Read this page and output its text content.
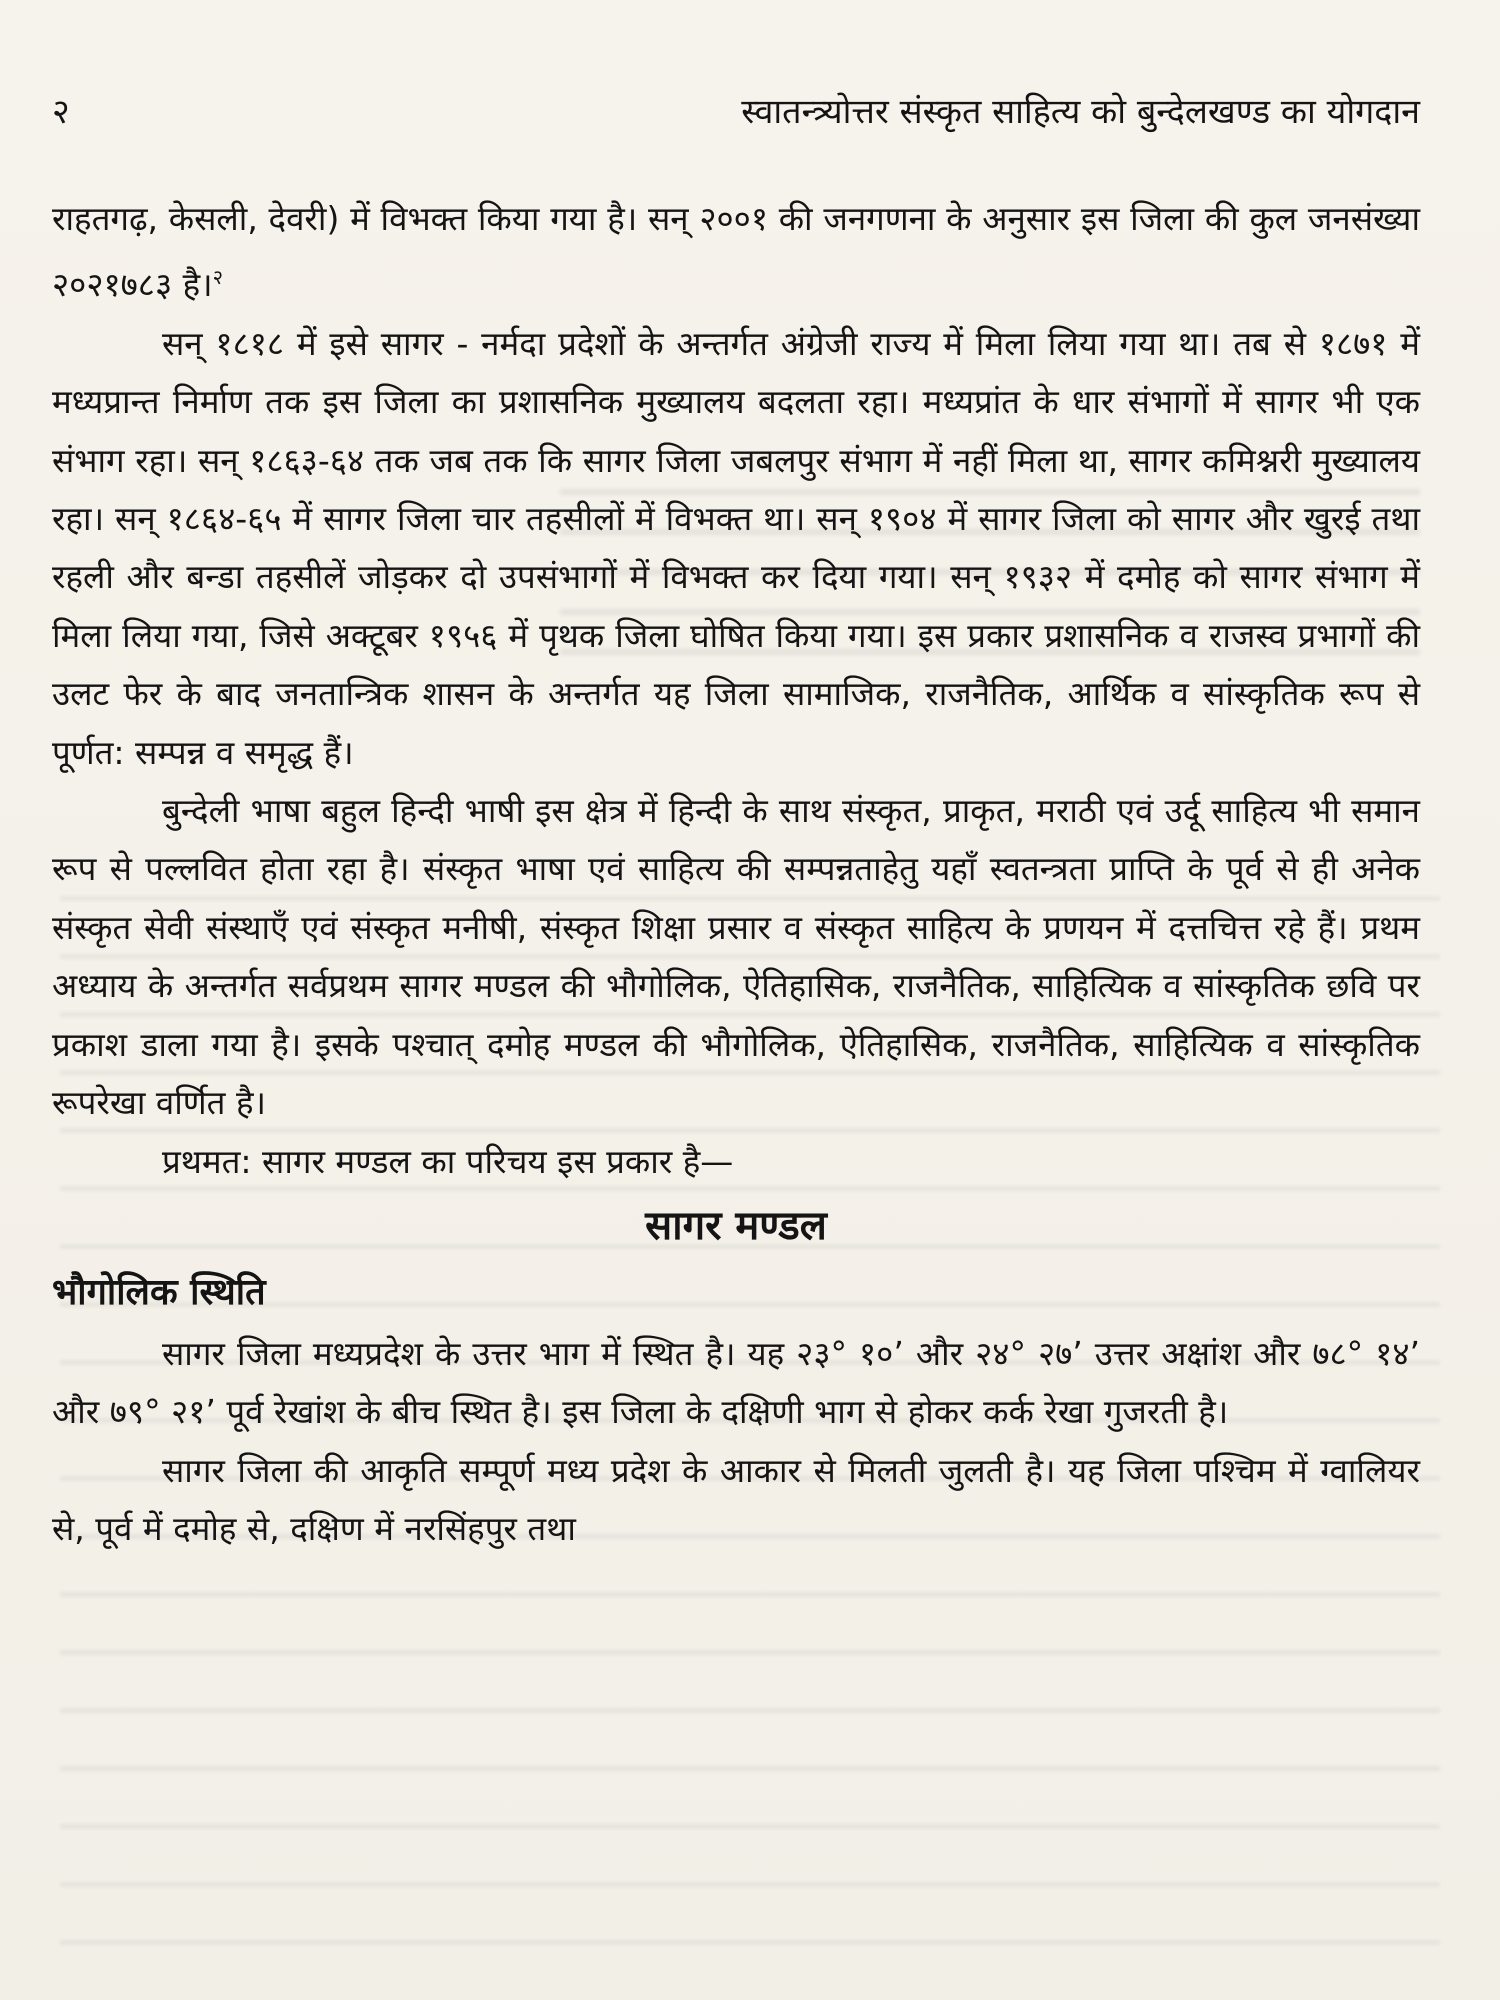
२	स्वातन्त्र्योत्तर संस्कृत साहित्य को बुन्देलखण्ड का योगदान

राहतगढ़, केसली, देवरी) में विभक्त किया गया है। सन् २००१ की जनगणना के अनुसार इस जिला की कुल जनसंख्या २०२१७८३ है।$^२$

सन् १८१८ में इसे सागर - नर्मदा प्रदेशों के अन्तर्गत अंग्रेजी राज्य में मिला लिया गया था। तब से १८७१ में मध्यप्रान्त निर्माण तक इस जिला का प्रशासनिक मुख्यालय बदलता रहा। मध्यप्रांत के धार संभागों में सागर भी एक संभाग रहा। सन् १८६३-६४ तक जब तक कि सागर जिला जबलपुर संभाग में नहीं मिला था, सागर कमिश्नरी मुख्यालय रहा। सन् १८६४-६५ में सागर जिला चार तहसीलों में विभक्त था। सन् १९०४ में सागर जिला को सागर और खुरई तथा रहली और बन्डा तहसीलें जोड़कर दो उपसंभागों में विभक्त कर दिया गया। सन् १९३२ में दमोह को सागर संभाग में मिला लिया गया, जिसे अक्टूबर १९५६ में पृथक जिला घोषित किया गया। इस प्रकार प्रशासनिक व राजस्व प्रभागों की उलट फेर के बाद जनतान्त्रिक शासन के अन्तर्गत यह जिला सामाजिक, राजनैतिक, आर्थिक व सांस्कृतिक रूप से पूर्णत: सम्पन्न व समृद्ध हैं।

बुन्देली भाषा बहुल हिन्दी भाषी इस क्षेत्र में हिन्दी के साथ संस्कृत, प्राकृत, मराठी एवं उर्दू साहित्य भी समान रूप से पल्लवित होता रहा है। संस्कृत भाषा एवं साहित्य की सम्पन्नताहेतु यहाँ स्वतन्त्रता प्राप्ति के पूर्व से ही अनेक संस्कृत सेवी संस्थाएँ एवं संस्कृत मनीषी, संस्कृत शिक्षा प्रसार व संस्कृत साहित्य के प्रणयन में दत्तचित्त रहे हैं। प्रथम अध्याय के अन्तर्गत सर्वप्रथम सागर मण्डल की भौगोलिक, ऐतिहासिक, राजनैतिक, साहित्यिक व सांस्कृतिक छवि पर प्रकाश डाला गया है। इसके पश्चात् दमोह मण्डल की भौगोलिक, ऐतिहासिक, राजनैतिक, साहित्यिक व सांस्कृतिक रूपरेखा वर्णित है।

प्रथमत: सागर मण्डल का परिचय इस प्रकार है—

सागर मण्डल

भौगोलिक स्थिति

सागर जिला मध्यप्रदेश के उत्तर भाग में स्थित है। यह २३° १०’ और २४° २७’ उत्तर अक्षांश और ७८° १४’ और ७९° २१’ पूर्व रेखांश के बीच स्थित है। इस जिला के दक्षिणी भाग से होकर कर्क रेखा गुजरती है।

सागर जिला की आकृति सम्पूर्ण मध्य प्रदेश के आकार से मिलती जुलती है। यह जिला पश्चिम में ग्वालियर से, पूर्व में दमोह से, दक्षिण में नरसिंहपुर तथा
